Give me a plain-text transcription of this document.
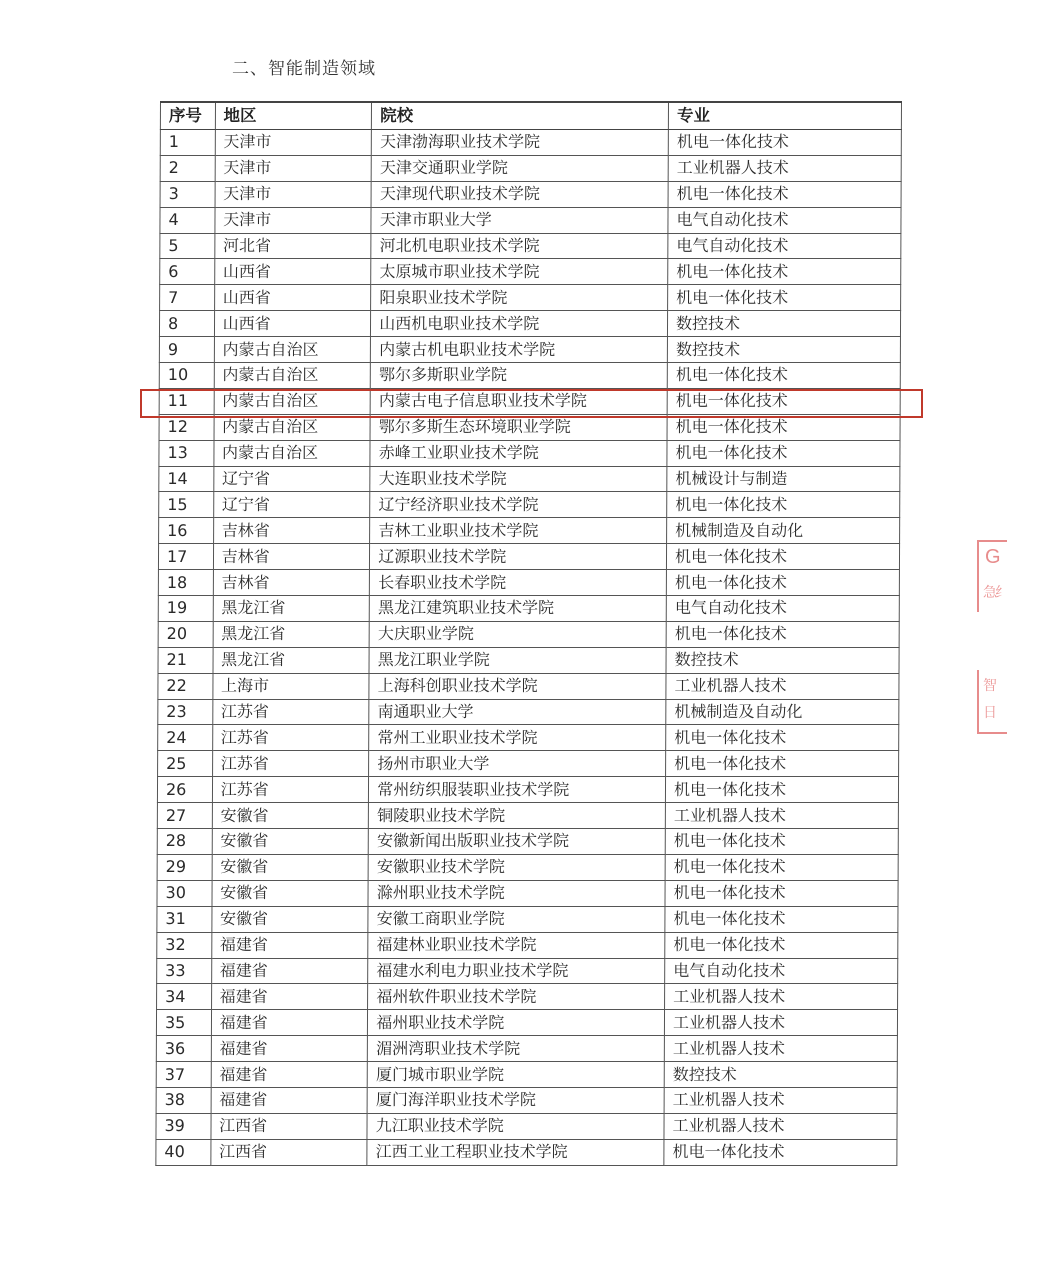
二、智能制造领域
序号	地区	院校	专业
1	天津市	天津渤海职业技术学院	机电一体化技术
2	天津市	天津交通职业学院	工业机器人技术
3	天津市	天津现代职业技术学院	机电一体化技术
4	天津市	天津市职业大学	电气自动化技术
5	河北省	河北机电职业技术学院	电气自动化技术
6	山西省	太原城市职业技术学院	机电一体化技术
7	山西省	阳泉职业技术学院	机电一体化技术
8	山西省	山西机电职业技术学院	数控技术
9	内蒙古自治区	内蒙古机电职业技术学院	数控技术
10	内蒙古自治区	鄂尔多斯职业学院	机电一体化技术
11	内蒙古自治区	内蒙古电子信息职业技术学院	机电一体化技术
12	内蒙古自治区	鄂尔多斯生态环境职业学院	机电一体化技术
13	内蒙古自治区	赤峰工业职业技术学院	机电一体化技术
14	辽宁省	大连职业技术学院	机械设计与制造
15	辽宁省	辽宁经济职业技术学院	机电一体化技术
16	吉林省	吉林工业职业技术学院	机械制造及自动化
17	吉林省	辽源职业技术学院	机电一体化技术
18	吉林省	长春职业技术学院	机电一体化技术
19	黑龙江省	黑龙江建筑职业技术学院	电气自动化技术
20	黑龙江省	大庆职业学院	机电一体化技术
21	黑龙江省	黑龙江职业学院	数控技术
22	上海市	上海科创职业技术学院	工业机器人技术
23	江苏省	南通职业大学	机械制造及自动化
24	江苏省	常州工业职业技术学院	机电一体化技术
25	江苏省	扬州市职业大学	机电一体化技术
26	江苏省	常州纺织服装职业技术学院	机电一体化技术
27	安徽省	铜陵职业技术学院	工业机器人技术
28	安徽省	安徽新闻出版职业技术学院	机电一体化技术
29	安徽省	安徽职业技术学院	机电一体化技术
30	安徽省	滁州职业技术学院	机电一体化技术
31	安徽省	安徽工商职业学院	机电一体化技术
32	福建省	福建林业职业技术学院	机电一体化技术
33	福建省	福建水利电力职业技术学院	电气自动化技术
34	福建省	福州软件职业技术学院	工业机器人技术
35	福建省	福州职业技术学院	工业机器人技术
36	福建省	湄洲湾职业技术学院	工业机器人技术
37	福建省	厦门城市职业学院	数控技术
38	福建省	厦门海洋职业技术学院	工业机器人技术
39	江西省	九江职业技术学院	工业机器人技术
40	江西省	江西工业工程职业技术学院	机电一体化技术
G
急
纟
智
日
